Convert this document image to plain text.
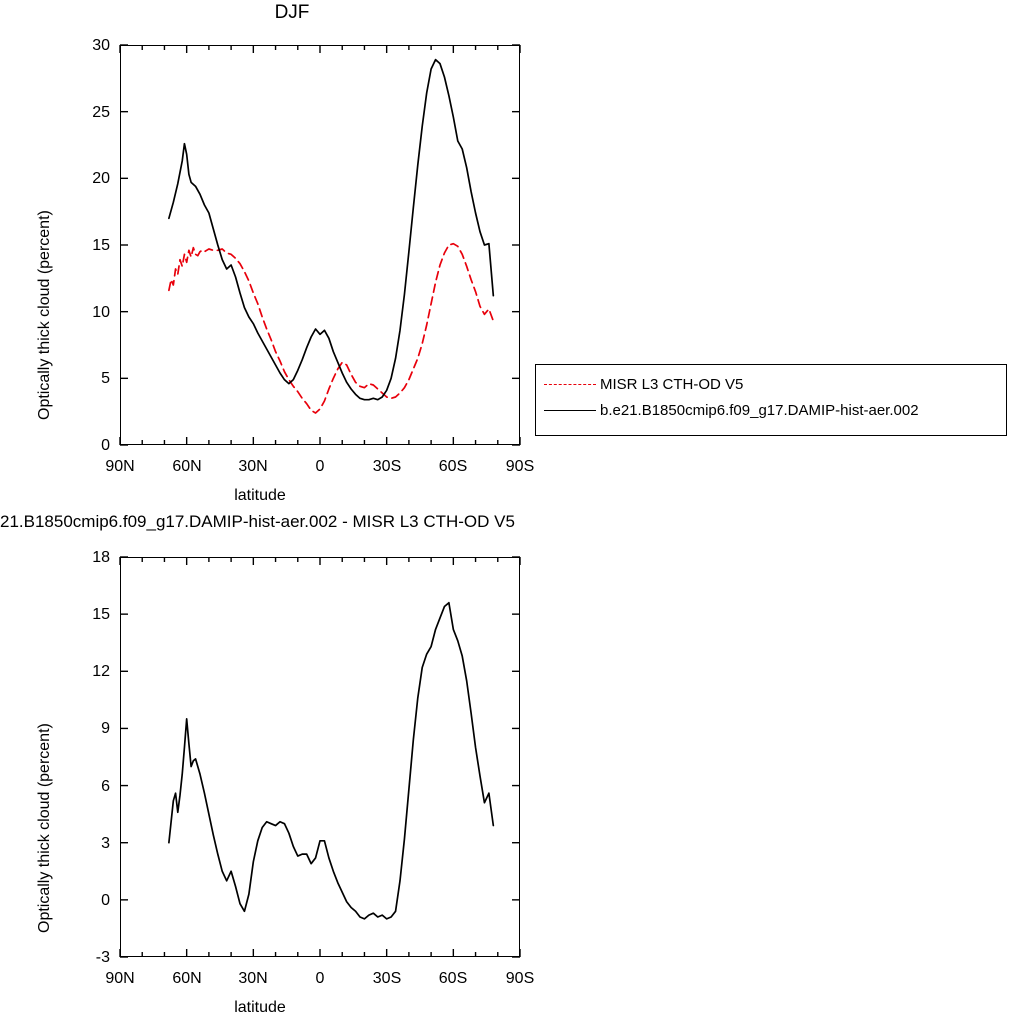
DJF
Optically thick cloud (percent)
latitude
0
5
10
15
20
25
30
90N	60N	30N	0	30S	60S	90S
MISR L3 CTH-OD V5
b.e21.B1850cmip6.f09_g17.DAMIP-hist-aer.002
21.B1850cmip6.f09_g17.DAMIP-hist-aer.002 - MISR L3 CTH-OD V5
Optically thick cloud (percent)
latitude
-3
0
3
6
9
12
15
18
90N	60N	30N	0	30S	60S	90S
